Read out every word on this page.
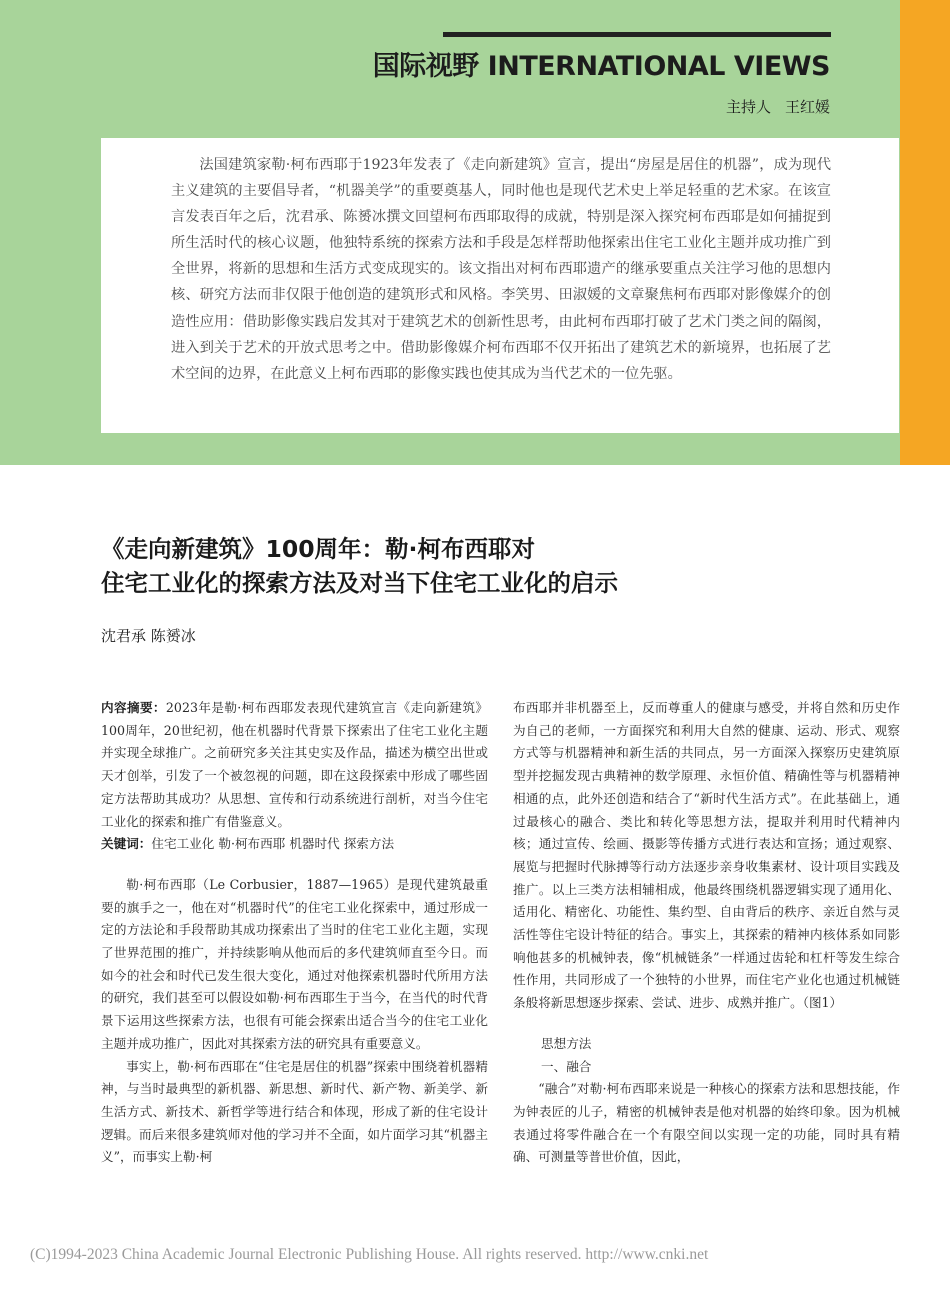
国际视野 INTERNATIONAL VIEWS
主持人 王红媛

法国建筑家勒·柯布西耶于1923年发表了《走向新建筑》宣言，提出“房屋是居住的机器”，成为现代主义建筑的主要倡导者，“机器美学”的重要奠基人，同时他也是现代艺术史上举足轻重的艺术家。在该宣言发表百年之后，沈君承、陈赟冰撰文回望柯布西耶取得的成就，特别是深入探究柯布西耶是如何捕捉到所生活时代的核心议题，他独特系统的探索方法和手段是怎样帮助他探索出住宅工业化主题并成功推广到全世界，将新的思想和生活方式变成现实的。该文指出对柯布西耶遗产的继承要重点关注学习他的思想内核、研究方法而非仅限于他创造的建筑形式和风格。李笑男、田淑媛的文章聚焦柯布西耶对影像媒介的创造性应用：借助影像实践启发其对于建筑艺术的创新性思考，由此柯布西耶打破了艺术门类之间的隔阂，进入到关于艺术的开放式思考之中。借助影像媒介柯布西耶不仅开拓出了建筑艺术的新境界，也拓展了艺术空间的边界，在此意义上柯布西耶的影像实践也使其成为当代艺术的一位先驱。

《走向新建筑》100周年：勒·柯布西耶对
住宅工业化的探索方法及对当下住宅工业化的启示
沈君承 陈赟冰

内容摘要：2023年是勒·柯布西耶发表现代建筑宣言《走向新建筑》100周年，20世纪初，他在机器时代背景下探索出了住宅工业化主题并实现全球推广。之前研究多关注其史实及作品，描述为横空出世或天才创举，引发了一个被忽视的问题，即在这段探索中形成了哪些固定方法帮助其成功？从思想、宣传和行动系统进行剖析，对当今住宅工业化的探索和推广有借鉴意义。

关键词：住宅工业化 勒·柯布西耶 机器时代 探索方法

勒·柯布西耶（Le Corbusier，1887—1965）是现代建筑最重要的旗手之一，他在对“机器时代”的住宅工业化探索中，通过形成一定的方法论和手段帮助其成功探索出了当时的住宅工业化主题，实现了世界范围的推广，并持续影响从他而后的多代建筑师直至今日。而如今的社会和时代已发生很大变化，通过对他探索机器时代所用方法的研究，我们甚至可以假设如勒·柯布西耶生于当今，在当代的时代背景下运用这些探索方法，也很有可能会探索出适合当今的住宅工业化主题并成功推广，因此对其探索方法的研究具有重要意义。

事实上，勒·柯布西耶在“住宅是居住的机器”探索中围绕着机器精神，与当时最典型的新机器、新思想、新时代、新产物、新美学、新生活方式、新技术、新哲学等进行结合和体现，形成了新的住宅设计逻辑。而后来很多建筑师对他的学习并不全面，如片面学习其“机器主义”，而事实上勒·柯

布西耶并非机器至上，反而尊重人的健康与感受，并将自然和历史作为自己的老师，一方面探究和利用大自然的健康、运动、形式、观察方式等与机器精神和新生活的共同点，另一方面深入探察历史建筑原型并挖掘发现古典精神的数学原理、永恒价值、精确性等与机器精神相通的点，此外还创造和结合了“新时代生活方式”。在此基础上，通过最核心的融合、类比和转化等思想方法，提取并利用时代精神内核；通过宣传、绘画、摄影等传播方式进行表达和宣扬；通过观察、展览与把握时代脉搏等行动方法逐步亲身收集素材、设计项目实践及推广。以上三类方法相辅相成，他最终围绕机器逻辑实现了通用化、适用化、精密化、功能性、集约型、自由背后的秩序、亲近自然与灵活性等住宅设计特征的结合。事实上，其探索的精神内核体系如同影响他甚多的机械钟表，像“机械链条”一样通过齿轮和杠杆等发生综合性作用，共同形成了一个独特的小世界，而住宅产业化也通过机械链条般将新思想逐步探索、尝试、进步、成熟并推广。（图1）

思想方法

一、融合

“融合”对勒·柯布西耶来说是一种核心的探索方法和思想技能，作为钟表匠的儿子，精密的机械钟表是他对机器的始终印象。因为机械表通过将零件融合在一个有限空间以实现一定的功能，同时具有精确、可测量等普世价值，因此，

(C)1994-2023 China Academic Journal Electronic Publishing House. All rights reserved. http://www.cnki.net
